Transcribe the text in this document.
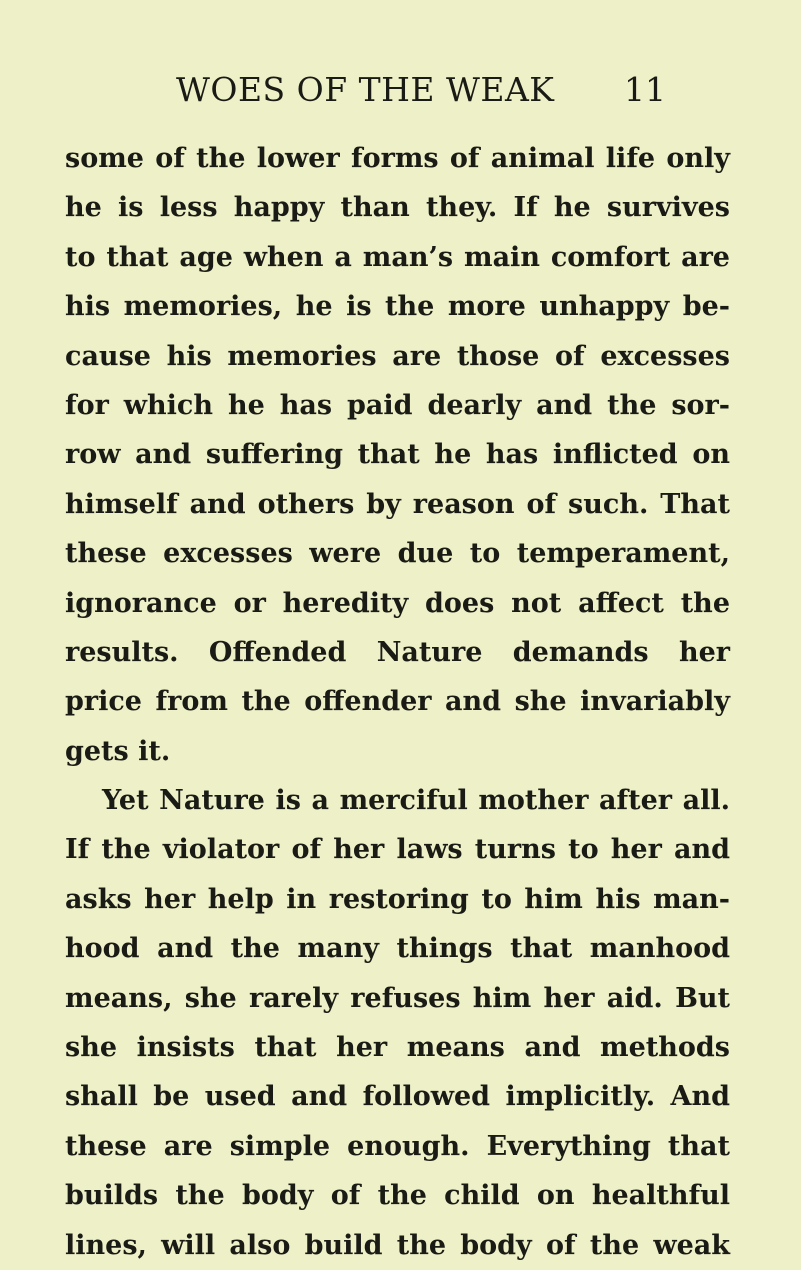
WOES OF THE WEAK 11
some of the lower forms of animal life only
he is less happy than they. If he survives
to that age when a man’s main comfort are
his memories, he is the more unhappy be-
cause his memories are those of excesses
for which he has paid dearly and the sor-
row and suffering that he has inflicted on
himself and others by reason of such. That
these excesses were due to temperament,
ignorance or heredity does not affect the
results. Offended Nature demands her
price from the offender and she invariably
gets it.
Yet Nature is a merciful mother after all.
If the violator of her laws turns to her and
asks her help in restoring to him his man-
hood and the many things that manhood
means, she rarely refuses him her aid. But
she insists that her means and methods
shall be used and followed implicitly. And
these are simple enough. Everything that
builds the body of the child on healthful
lines, will also build the body of the weak
